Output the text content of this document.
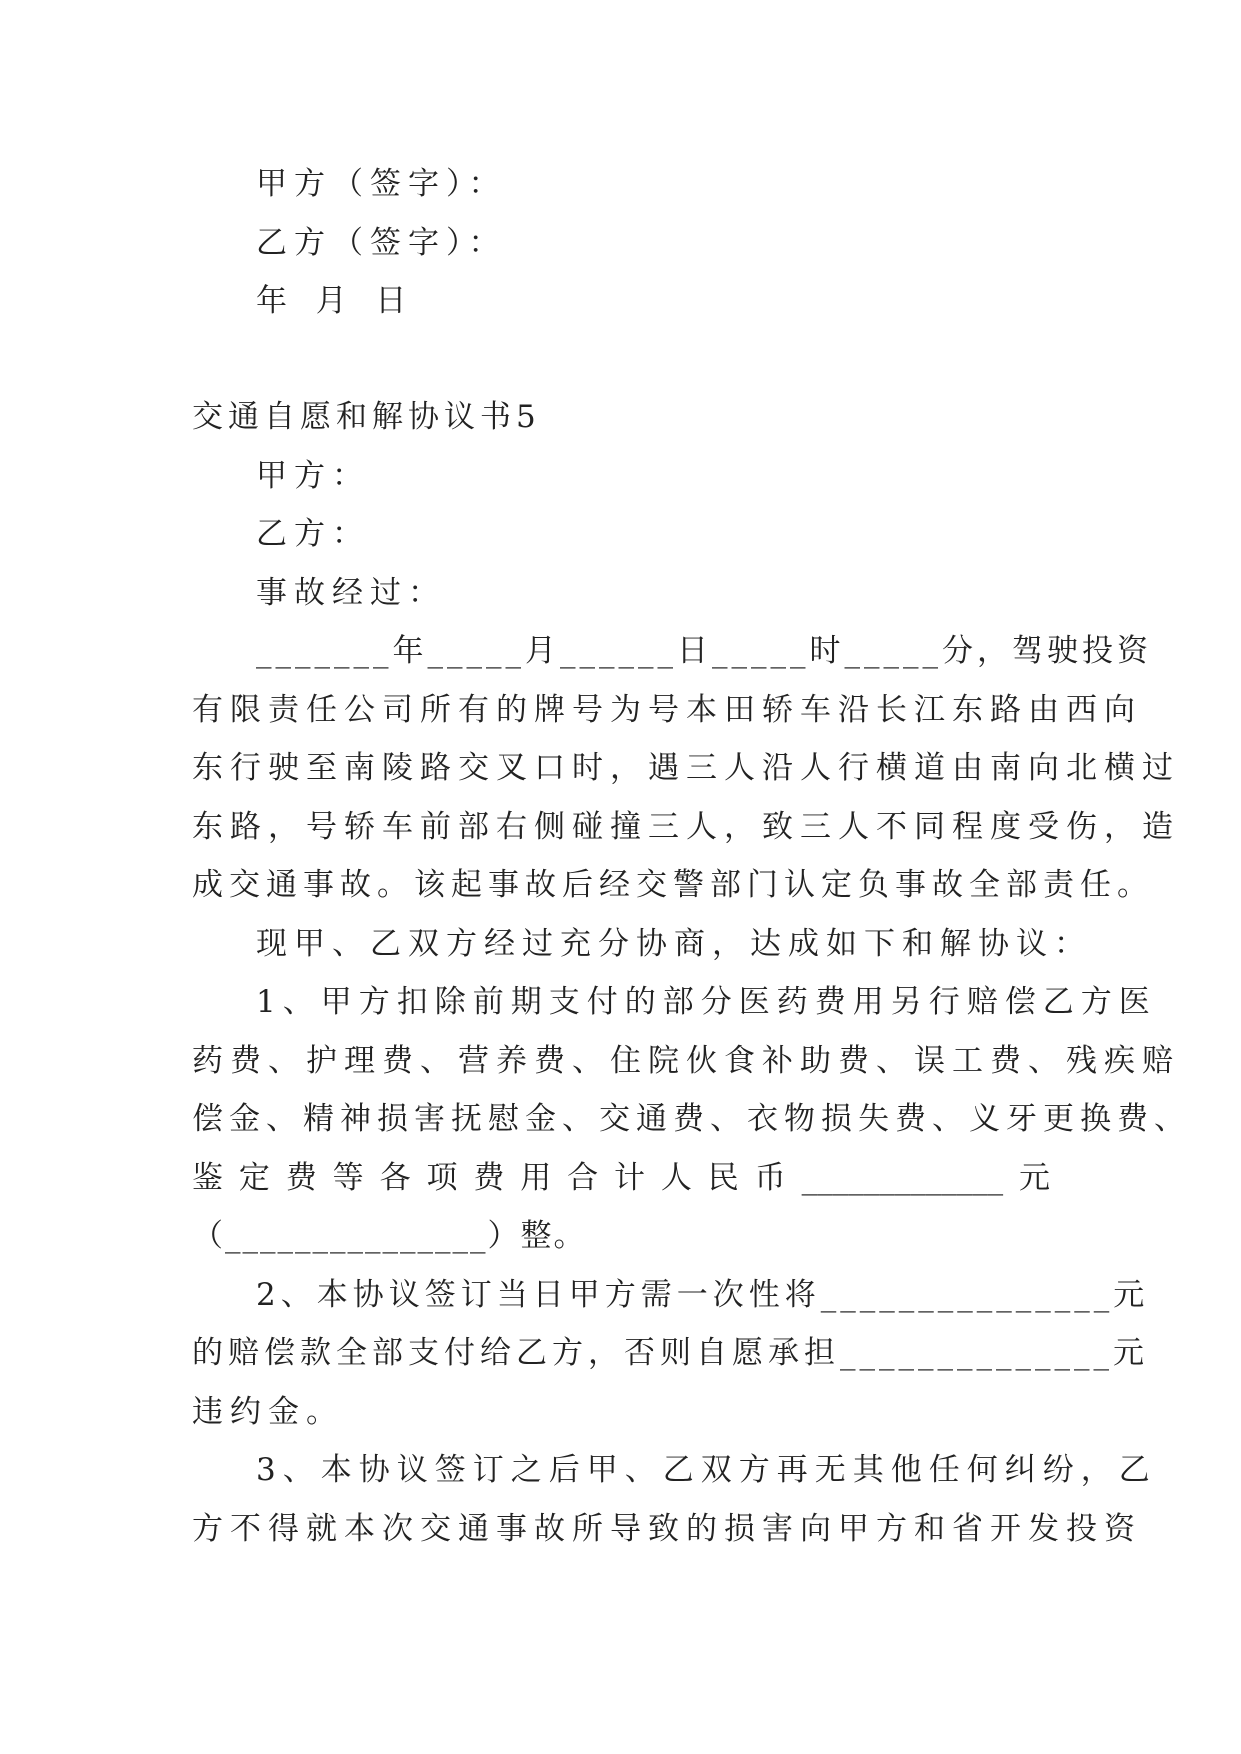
甲方（签字）：
乙方（签字）：
年  月  日
交通自愿和解协议书5
甲方：
乙方：
事故经过：
_______年_____月______日_____时_____分，驾驶投资
有限责任公司所有的牌号为号本田轿车沿长江东路由西向
东行驶至南陵路交叉口时，遇三人沿人行横道由南向北横过
东路，号轿车前部右侧碰撞三人，致三人不同程度受伤，造
成交通事故。该起事故后经交警部门认定负事故全部责任。
现甲、乙双方经过充分协商，达成如下和解协议：
1、甲方扣除前期支付的部分医药费用另行赔偿乙方医
药费、护理费、营养费、住院伙食补助费、误工费、残疾赔
偿金、精神损害抚慰金、交通费、衣物损失费、义牙更换费、
鉴 定 费 等 各 项 费 用 合 计 人 民 币 _____________ 元
（_______________）整。
2、本协议签订当日甲方需一次性将_______________元
的赔偿款全部支付给乙方，否则自愿承担______________元
违约金。
3、本协议签订之后甲、乙双方再无其他任何纠纷，乙
方不得就本次交通事故所导致的损害向甲方和省开发投资
